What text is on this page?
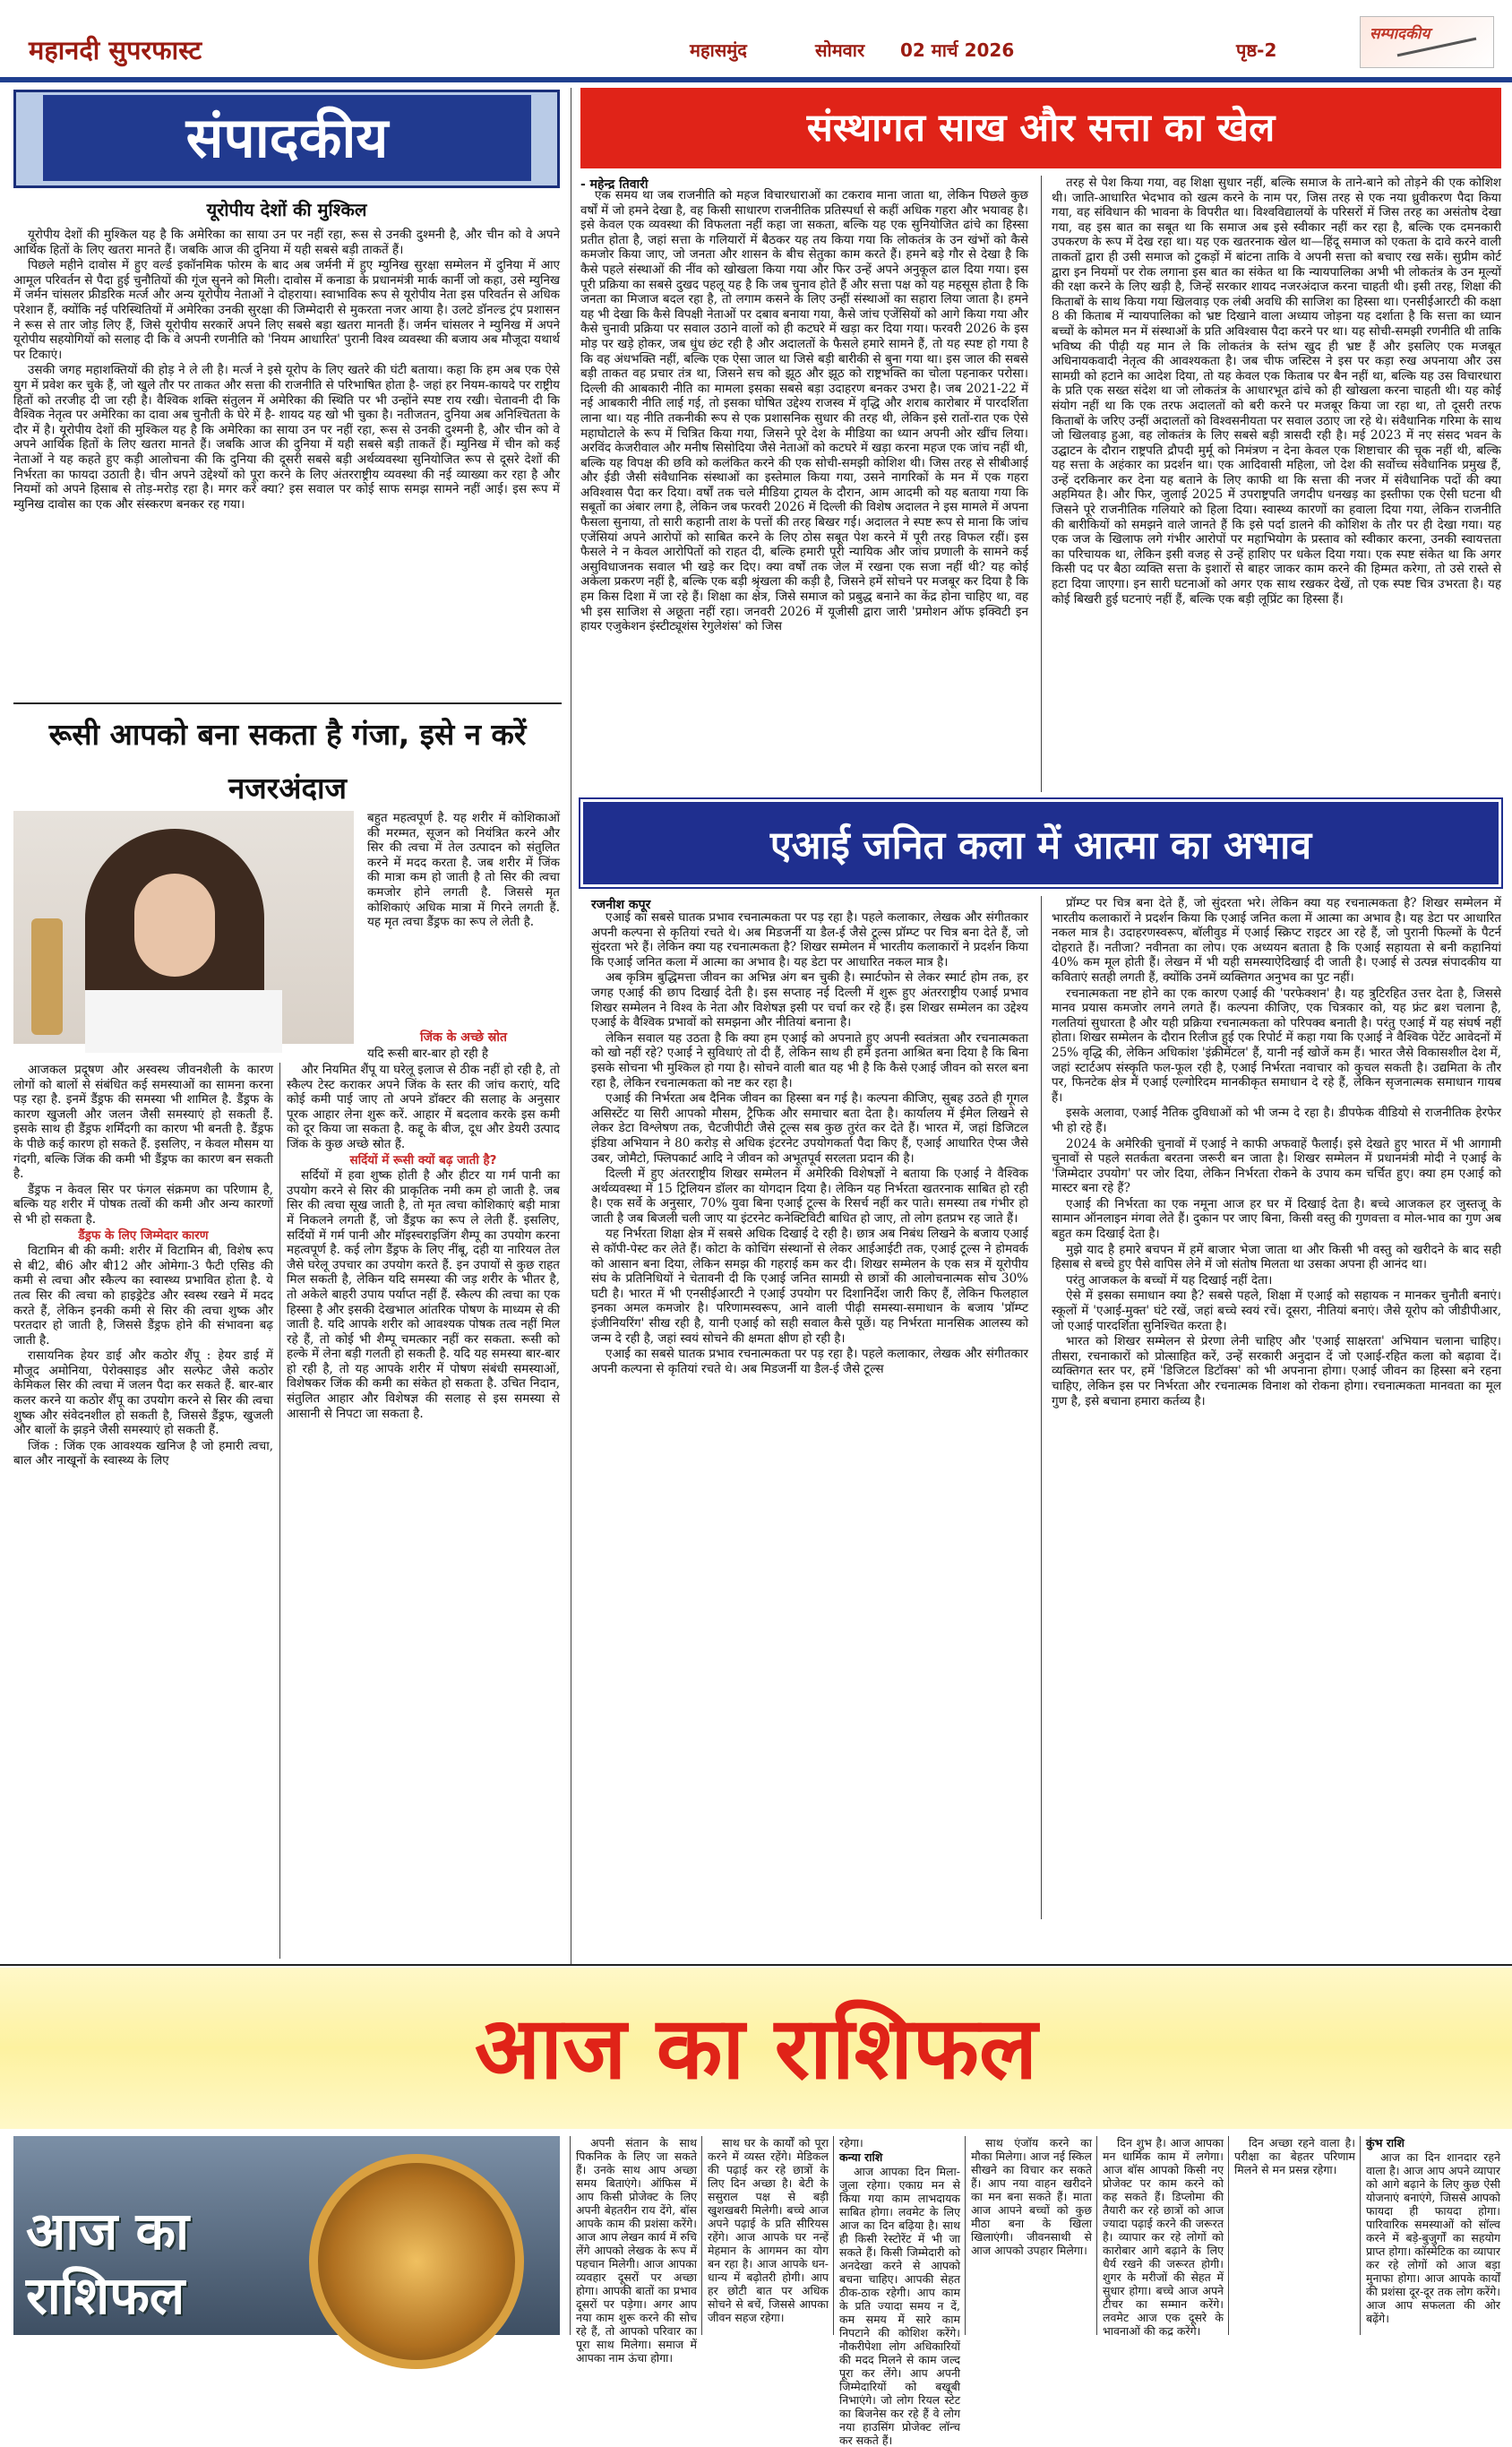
महानदी सुपरफास्ट	महासमुंद	सोमवार 02 मार्च 2026	पृष्ठ-2
सम्पादकीय
संपादकीय
यूरोपीय देशों की मुश्किल

यूरोपीय देशों की मुश्किल यह है कि अमेरिका का साया उन पर नहीं रहा, रूस से उनकी दुश्मनी है, और चीन को वे अपने आर्थिक हितों के लिए खतरा मानते हैं। जबकि आज की दुनिया में यही सबसे बड़ी ताकतें हैं।

पिछले महीने दावोस में हुए वर्ल्ड इकॉनमिक फोरम के बाद अब जर्मनी में हुए म्युनिख सुरक्षा सम्मेलन में दुनिया में आए आमूल परिवर्तन से पैदा हुई चुनौतियों की गूंज सुनने को मिली। दावोस में कनाडा के प्रधानमंत्री मार्क कार्नी जो कहा, उसे म्युनिख में जर्मन चांसलर फ्रीडरिक मर्त्ज और अन्य यूरोपीय नेताओं ने दोहराया। स्वाभाविक रूप से यूरोपीय नेता इस परिवर्तन से अधिक परेशान हैं, क्योंकि नई परिस्थितियों में अमेरिका उनकी सुरक्षा की जिम्मेदारी से मुकरता नजर आया है। उलटे डॉनल्ड ट्रंप प्रशासन ने रूस से तार जोड़ लिए हैं, जिसे यूरोपीय सरकारें अपने लिए सबसे बड़ा खतरा मानती हैं। जर्मन चांसलर ने म्युनिख में अपने यूरोपीय सहयोगियों को सलाह दी कि वे अपनी रणनीति को 'नियम आधारित' पुरानी विश्व व्यवस्था की बजाय अब मौजूदा यथार्थ पर टिकाएं।

उसकी जगह महाशक्तियों की होड़ ने ले ली है। मर्त्ज ने इसे यूरोप के लिए खतरे की घंटी बताया। कहा कि हम अब एक ऐसे युग में प्रवेश कर चुके हैं, जो खुले तौर पर ताकत और सत्ता की राजनीति से परिभाषित होता है- जहां हर नियम-कायदे पर राष्ट्रीय हितों को तरजीह दी जा रही है। वैश्विक शक्ति संतुलन में अमेरिका की स्थिति पर भी उन्होंने स्पष्ट राय रखी। चेतावनी दी कि वैश्विक नेतृत्व पर अमेरिका का दावा अब चुनौती के घेरे में है- शायद यह खो भी चुका है। नतीजतन, दुनिया अब अनिश्चितता के दौर में है। यूरोपीय देशों की मुश्किल यह है कि अमेरिका का साया उन पर नहीं रहा, रूस से उनकी दुश्मनी है, और चीन को वे अपने आर्थिक हितों के लिए खतरा मानते हैं। जबकि आज की दुनिया में यही सबसे बड़ी ताकतें हैं। म्युनिख में चीन को कई नेताओं ने यह कहते हुए कड़ी आलोचना की कि दुनिया की दूसरी सबसे बड़ी अर्थव्यवस्था सुनियोजित रूप से दूसरे देशों की निर्भरता का फायदा उठाती है। चीन अपने उद्देश्यों को पूरा करने के लिए अंतरराष्ट्रीय व्यवस्था की नई व्याख्या कर रहा है और नियमों को अपने हिसाब से तोड़-मरोड़ रहा है। मगर करें क्या? इस सवाल पर कोई साफ समझ सामने नहीं आई। इस रूप में म्युनिख दावोस का एक और संस्करण बनकर रह गया।

रूसी आपको बना सकता है गंजा, इसे न करें नजरअंदाज
बहुत महत्वपूर्ण है. यह शरीर में कोशिकाओं की मरम्मत, सूजन को नियंत्रित करने और सिर की त्वचा में तेल उत्पादन को संतुलित करने में मदद करता है. जब शरीर में जिंक की मात्रा कम हो जाती है तो सिर की त्वचा कमजोर होने लगती है. जिससे मृत कोशिकाएं अधिक मात्रा में गिरने लगती हैं. यह मृत त्वचा डैंड्रफ का रूप ले लेती है.
जिंक के अच्छे स्रोत
यदि रूसी बार-बार हो रही है

आजकल प्रदूषण और अस्वस्थ जीवनशैली के कारण लोगों को बालों से संबंधित कई समस्याओं का सामना करना पड़ रहा है. इनमें डैंड्रफ की समस्या भी शामिल है. डैंड्रफ के कारण खुजली और जलन जैसी समस्याएं हो सकती हैं. इसके साथ ही डैंड्रफ शर्मिंदगी का कारण भी बनती है. डैंड्रफ के पीछे कई कारण हो सकते हैं. इसलिए, न केवल मौसम या गंदगी, बल्कि जिंक की कमी भी डैंड्रफ का कारण बन सकती है.

डैंड्रफ न केवल सिर पर फंगल संक्रमण का परिणाम है, बल्कि यह शरीर में पोषक तत्वों की कमी और अन्य कारणों से भी हो सकता है.

डैंड्रफ के लिए जिम्मेदार कारण

विटामिन बी की कमी: शरीर में विटामिन बी, विशेष रूप से बी2, बी6 और बी12 और ओमेगा-3 फैटी एसिड की कमी से त्वचा और स्कैल्प का स्वास्थ्य प्रभावित होता है. ये तत्व सिर की त्वचा को हाइड्रेटेड और स्वस्थ रखने में मदद करते हैं, लेकिन इनकी कमी से सिर की त्वचा शुष्क और परतदार हो जाती है, जिससे डैंड्रफ होने की संभावना बढ़ जाती है.

रासायनिक हेयर डाई और कठोर शैंपू : हेयर डाई में मौजूद अमोनिया, पेरोक्साइड और सल्फेट जैसे कठोर केमिकल सिर की त्वचा में जलन पैदा कर सकते हैं. बार-बार कलर करने या कठोर शैंपू का उपयोग करने से सिर की त्वचा शुष्क और संवेदनशील हो सकती है, जिससे डैंड्रफ, खुजली और बालों के झड़ने जैसी समस्याएं हो सकती हैं.

जिंक : जिंक एक आवश्यक खनिज है जो हमारी त्वचा, बाल और नाखूनों के स्वास्थ्य के लिए

और नियमित शैंपू या घरेलू इलाज से ठीक नहीं हो रही है, तो स्कैल्प टेस्ट कराकर अपने जिंक के स्तर की जांच कराएं, यदि कोई कमी पाई जाए तो अपने डॉक्टर की सलाह के अनुसार पूरक आहार लेना शुरू करें. आहार में बदलाव करके इस कमी को दूर किया जा सकता है. कद्दू के बीज, दूध और डेयरी उत्पाद जिंक के कुछ अच्छे स्रोत हैं.

सर्दियों में रूसी क्यों बढ़ जाती है?

सर्दियों में हवा शुष्क होती है और हीटर या गर्म पानी का उपयोग करने से सिर की प्राकृतिक नमी कम हो जाती है. जब सिर की त्वचा सूख जाती है, तो मृत त्वचा कोशिकाएं बड़ी मात्रा में निकलने लगती हैं, जो डैंड्रफ का रूप ले लेती हैं. इसलिए, सर्दियों में गर्म पानी और मॉइस्चराइजिंग शैम्पू का उपयोग करना महत्वपूर्ण है. कई लोग डैंड्रफ के लिए नींबू, दही या नारियल तेल जैसे घरेलू उपचार का उपयोग करते हैं. इन उपायों से कुछ राहत मिल सकती है, लेकिन यदि समस्या की जड़ शरीर के भीतर है, तो अकेले बाहरी उपाय पर्याप्त नहीं हैं. स्कैल्प की त्वचा का एक हिस्सा है और इसकी देखभाल आंतरिक पोषण के माध्यम से की जाती है. यदि आपके शरीर को आवश्यक पोषक तत्व नहीं मिल रहे हैं, तो कोई भी शैम्पू चमत्कार नहीं कर सकता. रूसी को हल्के में लेना बड़ी गलती हो सकती है. यदि यह समस्या बार-बार हो रही है, तो यह आपके शरीर में पोषण संबंधी समस्याओं, विशेषकर जिंक की कमी का संकेत हो सकता है. उचित निदान, संतुलित आहार और विशेषज्ञ की सलाह से इस समस्या से आसानी से निपटा जा सकता है.

संस्थागत साख और सत्ता का खेल
- महेन्द्र तिवारी

एक समय था जब राजनीति को महज विचारधाराओं का टकराव माना जाता था, लेकिन पिछले कुछ वर्षों में जो हमने देखा है, वह किसी साधारण राजनीतिक प्रतिस्पर्धा से कहीं अधिक गहरा और भयावह है। इसे केवल एक व्यवस्था की विफलता नहीं कहा जा सकता, बल्कि यह एक सुनियोजित ढांचे का हिस्सा प्रतीत होता है, जहां सत्ता के गलियारों में बैठकर यह तय किया गया कि लोकतंत्र के उन खंभों को कैसे कमजोर किया जाए, जो जनता और शासन के बीच सेतुका काम करते हैं। हमने बड़े गौर से देखा है कि कैसे पहले संस्थाओं की नींव को खोखला किया गया और फिर उन्हें अपने अनुकूल ढाल दिया गया। इस पूरी प्रक्रिया का सबसे दुखद पहलू यह है कि जब चुनाव होते हैं और सत्ता पक्ष को यह महसूस होता है कि जनता का मिजाज बदल रहा है, तो लगाम कसने के लिए उन्हीं संस्थाओं का सहारा लिया जाता है। हमने यह भी देखा कि कैसे विपक्षी नेताओं पर दबाव बनाया गया, कैसे जांच एजेंसियों को आगे किया गया और कैसे चुनावी प्रक्रिया पर सवाल उठाने वालों को ही कटघरे में खड़ा कर दिया गया। फरवरी 2026 के इस मोड़ पर खड़े होकर, जब धुंध छंट रही है और अदालतों के फैसले हमारे सामने हैं, तो यह स्पष्ट हो गया है कि वह अंधभक्ति नहीं, बल्कि एक ऐसा जाल था जिसे बड़ी बारीकी से बुना गया था। इस जाल की सबसे बड़ी ताकत वह प्रचार तंत्र था, जिसने सच को झूठ और झूठ को राष्ट्रभक्ति का चोला पहनाकर परोसा। दिल्ली की आबकारी नीति का मामला इसका सबसे बड़ा उदाहरण बनकर उभरा है। जब 2021-22 में नई आबकारी नीति लाई गई, तो इसका घोषित उद्देश्य राजस्व में वृद्धि और शराब कारोबार में पारदर्शिता लाना था। यह नीति तकनीकी रूप से एक प्रशासनिक सुधार की तरह थी, लेकिन इसे रातों-रात एक ऐसे महाघोटाले के रूप में चित्रित किया गया, जिसने पूरे देश के मीडिया का ध्यान अपनी ओर खींच लिया। अरविंद केजरीवाल और मनीष सिसोदिया जैसे नेताओं को कटघरे में खड़ा करना महज एक जांच नहीं थी, बल्कि यह विपक्ष की छवि को कलंकित करने की एक सोची-समझी कोशिश थी। जिस तरह से सीबीआई और ईडी जैसी संवैधानिक संस्थाओं का इस्तेमाल किया गया, उसने नागरिकों के मन में एक गहरा अविश्वास पैदा कर दिया। वर्षों तक चले मीडिया ट्रायल के दौरान, आम आदमी को यह बताया गया कि सबूतों का अंबार लगा है, लेकिन जब फरवरी 2026 में दिल्ली की विशेष अदालत ने इस मामले में अपना फैसला सुनाया, तो सारी कहानी ताश के पत्तों की तरह बिखर गई। अदालत ने स्पष्ट रूप से माना कि जांच एजेंसियां अपने आरोपों को साबित करने के लिए ठोस सबूत पेश करने में पूरी तरह विफल रहीं। इस फैसले ने न केवल आरोपितों को राहत दी, बल्कि हमारी पूरी न्यायिक और जांच प्रणाली के सामने कई असुविधाजनक सवाल भी खड़े कर दिए। क्या वर्षों तक जेल में रखना एक सजा नहीं थी? यह कोई अकेला प्रकरण नहीं है, बल्कि एक बड़ी श्रृंखला की कड़ी है, जिसने हमें सोचने पर मजबूर कर दिया है कि हम किस दिशा में जा रहे हैं। शिक्षा का क्षेत्र, जिसे समाज को प्रबुद्ध बनाने का केंद्र होना चाहिए था, वह भी इस साजिश से अछूता नहीं रहा। जनवरी 2026 में यूजीसी द्वारा जारी 'प्रमोशन ऑफ इक्विटी इन हायर एजुकेशन इंस्टीट्यूशंस रेगुलेशंस' को जिस

तरह से पेश किया गया, वह शिक्षा सुधार नहीं, बल्कि समाज के ताने-बाने को तोड़ने की एक कोशिश थी। जाति-आधारित भेदभाव को खत्म करने के नाम पर, जिस तरह से एक नया ध्रुवीकरण पैदा किया गया, वह संविधान की भावना के विपरीत था। विश्वविद्यालयों के परिसरों में जिस तरह का असंतोष देखा गया, वह इस बात का सबूत था कि समाज अब इसे स्वीकार नहीं कर रहा है, बल्कि एक दमनकारी उपकरण के रूप में देख रहा था। यह एक खतरनाक खेल था—हिंदू समाज को एकता के दावे करने वाली ताकतों द्वारा ही उसी समाज को टुकड़ों में बांटना ताकि वे अपनी सत्ता को बचाए रख सकें। सुप्रीम कोर्ट द्वारा इन नियमों पर रोक लगाना इस बात का संकेत था कि न्यायपालिका अभी भी लोकतंत्र के उन मूल्यों की रक्षा करने के लिए खड़ी है, जिन्हें सरकार शायद नजरअंदाज करना चाहती थी। इसी तरह, शिक्षा की किताबों के साथ किया गया खिलवाड़ एक लंबी अवधि की साजिश का हिस्सा था। एनसीईआरटी की कक्षा 8 की किताब में न्यायपालिका को भ्रष्ट दिखाने वाला अध्याय जोड़ना यह दर्शाता है कि सत्ता का ध्यान बच्चों के कोमल मन में संस्थाओं के प्रति अविश्वास पैदा करने पर था। यह सोची-समझी रणनीति थी ताकि भविष्य की पीढ़ी यह मान ले कि लोकतंत्र के स्तंभ खुद ही भ्रष्ट हैं और इसलिए एक मजबूत अधिनायकवादी नेतृत्व की आवश्यकता है। जब चीफ जस्टिस ने इस पर कड़ा रुख अपनाया और उस सामग्री को हटाने का आदेश दिया, तो यह केवल एक किताब पर बैन नहीं था, बल्कि यह उस विचारधारा के प्रति एक सख्त संदेश था जो लोकतंत्र के आधारभूत ढांचे को ही खोखला करना चाहती थी। यह कोई संयोग नहीं था कि एक तरफ अदालतों को बरी करने पर मजबूर किया जा रहा था, तो दूसरी तरफ किताबों के जरिए उन्हीं अदालतों को विश्वसनीयता पर सवाल उठाए जा रहे थे। संवैधानिक गरिमा के साथ जो खिलवाड़ हुआ, वह लोकतंत्र के लिए सबसे बड़ी त्रासदी रही है। मई 2023 में नए संसद भवन के उद्घाटन के दौरान राष्ट्रपति द्रौपदी मुर्मू को निमंत्रण न देना केवल एक शिष्टाचार की चूक नहीं थी, बल्कि यह सत्ता के अहंकार का प्रदर्शन था। एक आदिवासी महिला, जो देश की सर्वोच्च संवैधानिक प्रमुख हैं, उन्हें दरकिनार कर देना यह बताने के लिए काफी था कि सत्ता की नजर में संवैधानिक पदों की क्या अहमियत है। और फिर, जुलाई 2025 में उपराष्ट्रपति जगदीप धनखड़ का इस्तीफा एक ऐसी घटना थी जिसने पूरे राजनीतिक गलियारे को हिला दिया। स्वास्थ्य कारणों का हवाला दिया गया, लेकिन राजनीति की बारीकियों को समझने वाले जानते हैं कि इसे पर्दा डालने की कोशिश के तौर पर ही देखा गया। यह एक जज के खिलाफ लगे गंभीर आरोपों पर महाभियोग के प्रस्ताव को स्वीकार करना, उनकी स्वायत्तता का परिचायक था, लेकिन इसी वजह से उन्हें हाशिए पर धकेल दिया गया। एक स्पष्ट संकेत था कि अगर किसी पद पर बैठा व्यक्ति सत्ता के इशारों से बाहर जाकर काम करने की हिम्मत करेगा, तो उसे रास्ते से हटा दिया जाएगा। इन सारी घटनाओं को अगर एक साथ रखकर देखें, तो एक स्पष्ट चित्र उभरता है। यह कोई बिखरी हुई घटनाएं नहीं हैं, बल्कि एक बड़ी लूप्रिंट का हिस्सा हैं।

एआई जनित कला में आत्मा का अभाव
रजनीश कपूर

एआई का सबसे घातक प्रभाव रचनात्मकता पर पड़ रहा है। पहले कलाकार, लेखक और संगीतकार अपनी कल्पना से कृतियां रचते थे। अब मिडजर्नी या डैल-ई जैसे टूल्स प्रॉम्प्ट पर चित्र बना देते हैं, जो सुंदरता भरे हैं। लेकिन क्या यह रचनात्मकता है? शिखर सम्मेलन में भारतीय कलाकारों ने प्रदर्शन किया कि एआई जनित कला में आत्मा का अभाव है। यह डेटा पर आधारित नकल मात्र है।

अब कृत्रिम बुद्धिमत्ता जीवन का अभिन्न अंग बन चुकी है। स्मार्टफोन से लेकर स्मार्ट होम तक, हर जगह एआई की छाप दिखाई देती है। इस सप्ताह नई दिल्ली में शुरू हुए अंतरराष्ट्रीय एआई प्रभाव शिखर सम्मेलन ने विश्व के नेता और विशेषज्ञ इसी पर चर्चा कर रहे हैं। इस शिखर सम्मेलन का उद्देश्य एआई के वैश्विक प्रभावों को समझना और नीतियां बनाना है।

लेकिन सवाल यह उठता है कि क्या हम एआई को अपनाते हुए अपनी स्वतंत्रता और रचनात्मकता को खो नहीं रहे? एआई ने सुविधाएं तो दी हैं, लेकिन साथ ही हमें इतना आश्रित बना दिया है कि बिना इसके सोचना भी मुश्किल हो गया है। सोचने वाली बात यह भी है कि कैसे एआई जीवन को सरल बना रहा है, लेकिन रचनात्मकता को नष्ट कर रहा है।

एआई की निर्भरता अब दैनिक जीवन का हिस्सा बन गई है। कल्पना कीजिए, सुबह उठते ही गूगल असिस्टेंट या सिरी आपको मौसम, ट्रैफिक और समाचार बता देता है। कार्यालय में ईमेल लिखने से लेकर डेटा विश्लेषण तक, चैटजीपीटी जैसे टूल्स सब कुछ तुरंत कर देते हैं। भारत में, जहां डिजिटल इंडिया अभियान ने 80 करोड़ से अधिक इंटरनेट उपयोगकर्ता पैदा किए हैं, एआई आधारित ऐप्स जैसे उबर, जोमैटो, फ्लिपकार्ट आदि ने जीवन को अभूतपूर्व सरलता प्रदान की है।

दिल्ली में हुए अंतरराष्ट्रीय शिखर सम्मेलन में अमेरिकी विशेषज्ञों ने बताया कि एआई ने वैश्विक अर्थव्यवस्था में 15 ट्रिलियन डॉलर का योगदान दिया है। लेकिन यह निर्भरता खतरनाक साबित हो रही है। एक सर्वे के अनुसार, 70% युवा बिना एआई टूल्स के रिसर्च नहीं कर पाते। समस्या तब गंभीर हो जाती है जब बिजली चली जाए या इंटरनेट कनेक्टिविटी बाधित हो जाए, तो लोग हतप्रभ रह जाते हैं।

यह निर्भरता शिक्षा क्षेत्र में सबसे अधिक दिखाई दे रही है। छात्र अब निबंध लिखने के बजाय एआई से कॉपी-पेस्ट कर लेते हैं। कोटा के कोचिंग संस्थानों से लेकर आईआईटी तक, एआई टूल्स ने होमवर्क को आसान बना दिया, लेकिन समझ की गहराई कम कर दी। शिखर सम्मेलन के एक सत्र में यूरोपीय संघ के प्रतिनिधियों ने चेतावनी दी कि एआई जनित सामग्री से छात्रों की आलोचनात्मक सोच 30% घटी है। भारत में भी एनसीईआरटी ने एआई उपयोग पर दिशानिर्देश जारी किए हैं, लेकिन फिलहाल इनका अमल कमजोर है। परिणामस्वरूप, आने वाली पीढ़ी समस्या-समाधान के बजाय 'प्रॉम्प्ट इंजीनियरिंग' सीख रही है, यानी एआई को सही सवाल कैसे पूछें। यह निर्भरता मानसिक आलस्य को जन्म दे रही है, जहां स्वयं सोचने की क्षमता क्षीण हो रही है।

एआई का सबसे घातक प्रभाव रचनात्मकता पर पड़ रहा है। पहले कलाकार, लेखक और संगीतकार अपनी कल्पना से कृतियां रचते थे। अब मिडजर्नी या डैल-ई जैसे टूल्स

प्रॉम्प्ट पर चित्र बना देते हैं, जो सुंदरता भरे। लेकिन क्या यह रचनात्मकता है? शिखर सम्मेलन में भारतीय कलाकारों ने प्रदर्शन किया कि एआई जनित कला में आत्मा का अभाव है। यह डेटा पर आधारित नकल मात्र है। उदाहरणस्वरूप, बॉलीवुड में एआई स्क्रिप्ट राइटर आ रहे हैं, जो पुरानी फिल्मों के पैटर्न दोहराते हैं। नतीजा? नवीनता का लोप। एक अध्ययन बताता है कि एआई सहायता से बनी कहानियां 40% कम मूल होती हैं। लेखन में भी यही समस्याऐदिखाई दी जाती है। एआई से उत्पन्न संपादकीय या कविताएं सतही लगती हैं, क्योंकि उनमें व्यक्तिगत अनुभव का पुट नहीं।

रचनात्मकता नष्ट होने का एक कारण एआई की 'परफेक्शन' है। यह त्रुटिरहित उत्तर देता है, जिससे मानव प्रयास कमजोर लगने लगते हैं। कल्पना कीजिए, एक चित्रकार को, यह फ्रंट ब्रश चलाना है, गलतियां सुधारता है और यही प्रक्रिया रचनात्मकता को परिपक्व बनाती है। परंतु एआई में यह संघर्ष नहीं होता। शिखर सम्मेलन के दौरान रिलीज हुई एक रिपोर्ट में कहा गया कि एआई ने वैश्विक पेटेंट आवेदनों में 25% वृद्धि की, लेकिन अधिकांश 'इंक्रीमेंटल' हैं, यानी नई खोजें कम हैं। भारत जैसे विकासशील देश में, जहां स्टार्टअप संस्कृति फल-फूल रही है, एआई निर्भरता नवाचार को कुचल सकती है। उद्यमिता के तौर पर, फिनटेक क्षेत्र में एआई एल्गोरिदम मानकीकृत समाधान दे रहे हैं, लेकिन सृजनात्मक समाधान गायब हैं।

इसके अलावा, एआई नैतिक दुविधाओं को भी जन्म दे रहा है। डीपफेक वीडियो से राजनीतिक हेरफेर भी हो रहे हैं।

2024 के अमेरिकी चुनावों में एआई ने काफी अफवाहें फैलाईं। इसे देखते हुए भारत में भी आगामी चुनावों से पहले सतर्कता बरतना जरूरी बन जाता है। शिखर सम्मेलन में प्रधानमंत्री मोदी ने एआई के 'जिम्मेदार उपयोग' पर जोर दिया, लेकिन निर्भरता रोकने के उपाय कम चर्चित हुए। क्या हम एआई को मास्टर बना रहे हैं?

एआई की निर्भरता का एक नमूना आज हर घर में दिखाई देता है। बच्चे आजकल हर जुस्तजू के सामान ऑनलाइन मंगवा लेते हैं। दुकान पर जाए बिना, किसी वस्तु की गुणवत्ता व मोल-भाव का गुण अब बहुत कम दिखाई देता है।

मुझे याद है हमारे बचपन में हमें बाजार भेजा जाता था और किसी भी वस्तु को खरीदने के बाद सही हिसाब से बच्चे हुए पैसे वापिस लेने में जो संतोष मिलता था उसका अपना ही आनंद था।

परंतु आजकल के बच्चों में यह दिखाई नहीं देता।

ऐसे में इसका समाधान क्या है? सबसे पहले, शिक्षा में एआई को सहायक न मानकर चुनौती बनाएं। स्कूलों में 'एआई-मुक्त' घंटे रखें, जहां बच्चे स्वयं रचें। दूसरा, नीतियां बनाएं। जैसे यूरोप को जीडीपीआर, जो एआई पारदर्शिता सुनिश्चित करता है।

भारत को शिखर सम्मेलन से प्रेरणा लेनी चाहिए और 'एआई साक्षरता' अभियान चलाना चाहिए। तीसरा, रचनाकारों को प्रोत्साहित करें, उन्हें सरकारी अनुदान दें जो एआई-रहित कला को बढ़ावा दें। व्यक्तिगत स्तर पर, हमें 'डिजिटल डिटॉक्स' को भी अपनाना होगा। एआई जीवन का हिस्सा बने रहना चाहिए, लेकिन इस पर निर्भरता और रचनात्मक विनाश को रोकना होगा। रचनात्मकता मानवता का मूल गुण है, इसे बचाना हमारा कर्तव्य है।

आज का राशिफल
आज का राशिफल

अपनी संतान के साथ पिकनिक के लिए जा सकते हैं। उनके साथ आप अच्छा समय बिताएंगे। ऑफिस में आप किसी प्रोजेक्ट के लिए अपनी बेहतरीन राय देंगे, बॉस आपके काम की प्रशंसा करेंगे। आज आप लेखन कार्य में रुचि लेंगे आपको लेखक के रूप में पहचान मिलेगी। आज आपका व्यवहार दूसरों पर अच्छा होगा। आपकी बातों का प्रभाव दूसरों पर पड़ेगा। अगर आप नया काम शुरू करने की सोच रहे हैं, तो आपको परिवार का पूरा साथ मिलेगा। समाज में आपका नाम ऊंचा होगा।

साथ घर के कार्यों को पूरा करने में व्यस्त रहेंगे। मेडिकल की पढ़ाई कर रहे छात्रों के लिए दिन अच्छा है। बेटी के ससुराल पक्ष से बड़ी खुशखबरी मिलेगी। बच्चे आज अपने पढ़ाई के प्रति सीरियस रहेंगे। आज आपके घर नन्हें मेहमान के आगमन का योग बन रहा है। आज आपके धन-धान्य में बढ़ोतरी होगी। आप हर छोटी बात पर अधिक सोचने से बचें, जिससे आपका जीवन सहज रहेगा।

रहेगा।

कन्या राशि

आज आपका दिन मिला-जुला रहेगा। एकाग्र मन से किया गया काम लाभदायक साबित होगा। लवमेट के लिए आज का दिन बढ़िया है। साथ ही किसी रेस्टोरेंट में भी जा सकते हैं। किसी जिम्मेदारी को अनदेखा करने से आपको बचना चाहिए। आपकी सेहत ठीक-ठाक रहेगी। आप काम के प्रति ज्यादा समय न दें, कम समय में सारे काम निपटाने की कोशिश करेंगे। नौकरीपेशा लोग अधिकारियों की मदद मिलने से काम जल्द पूरा कर लेंगे। आप अपनी जिम्मेदारियों को बखूबी निभाएंगे। जो लोग रियल स्टेट का बिजनेस कर रहे हैं वे लोग नया हाउसिंग प्रोजेक्ट लॉन्च कर सकते हैं।

साथ एंजॉय करने का मौका मिलेगा। आज नई स्किल सीखने का विचार कर सकते हैं। आप नया वाहन खरीदने का मन बना सकते हैं। माता आज आपने बच्चों को कुछ मीठा बना के खिला खिलाएंगी। जीवनसाथी से आज आपको उपहार मिलेगा।

दिन शुभ है। आज आपका मन धार्मिक काम में लगेगा। आज बॉस आपको किसी नए प्रोजेक्ट पर काम करने को कह सकते हैं। डिप्लोमा की तैयारी कर रहे छात्रों को आज ज्यादा पढ़ाई करने की जरूरत है। व्यापार कर रहे लोगों को कारोबार आगे बढ़ाने के लिए धैर्य रखने की जरूरत होगी। शुगर के मरीजों की सेहत में सुधार होगा। बच्चे आज अपने टीचर का सम्मान करेंगे। लवमेट आज एक दूसरे के भावनाओं की कद्र करेंगे।

दिन अच्छा रहने वाला है। परीक्षा का बेहतर परिणाम मिलने से मन प्रसन्न रहेगा।

कुंभ राशि

आज का दिन शानदार रहने वाला है। आज आप अपने व्यापार को आगे बढ़ाने के लिए कुछ ऐसी योजनाएं बनाएंगे, जिससे आपको फायदा ही फायदा होगा। पारिवारिक समस्याओं को सॉल्व करने में बड़े-बुजुर्गों का सहयोग प्राप्त होगा। कॉस्मेटिक का व्यापार कर रहे लोगों को आज बड़ा मुनाफा होगा। आज आपके कार्यों की प्रशंसा दूर-दूर तक लोग करेंगे। आज आप सफलता की ओर बढ़ेंगे।
